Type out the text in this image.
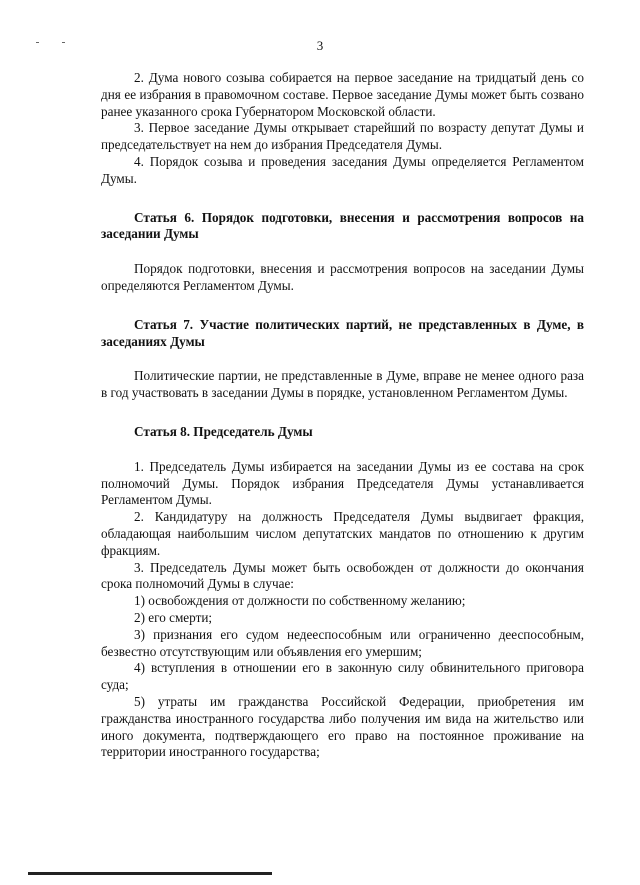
3

2. Дума нового созыва собирается на первое заседание на тридцатый день со дня ее избрания в правомочном составе. Первое заседание Думы может быть созвано ранее указанного срока Губернатором Московской области.

3. Первое заседание Думы открывает старейший по возрасту депутат Думы и председательствует на нем до избрания Председателя Думы.

4. Порядок созыва и проведения заседания Думы определяется Регламентом Думы.

Статья 6. Порядок подготовки, внесения и рассмотрения вопросов на заседании Думы

Порядок подготовки, внесения и рассмотрения вопросов на заседании Думы определяются Регламентом Думы.

Статья 7. Участие политических партий, не представленных в Думе, в заседаниях Думы

Политические партии, не представленные в Думе, вправе не менее одного раза в год участвовать в заседании Думы в порядке, установленном Регламентом Думы.

Статья 8. Председатель Думы

1. Председатель Думы избирается на заседании Думы из ее состава на срок полномочий Думы. Порядок избрания Председателя Думы устанавливается Регламентом Думы.

2. Кандидатуру на должность Председателя Думы выдвигает фракция, обладающая наибольшим числом депутатских мандатов по отношению к другим фракциям.

3. Председатель Думы может быть освобожден от должности до окончания срока полномочий Думы в случае:

1) освобождения от должности по собственному желанию;

2) его смерти;

3) признания его судом недееспособным или ограниченно дееспособным, безвестно отсутствующим или объявления его умершим;

4) вступления в отношении его в законную силу обвинительного приговора суда;

5) утраты им гражданства Российской Федерации, приобретения им гражданства иностранного государства либо получения им вида на жительство или иного документа, подтверждающего его право на постоянное проживание на территории иностранного государства;
